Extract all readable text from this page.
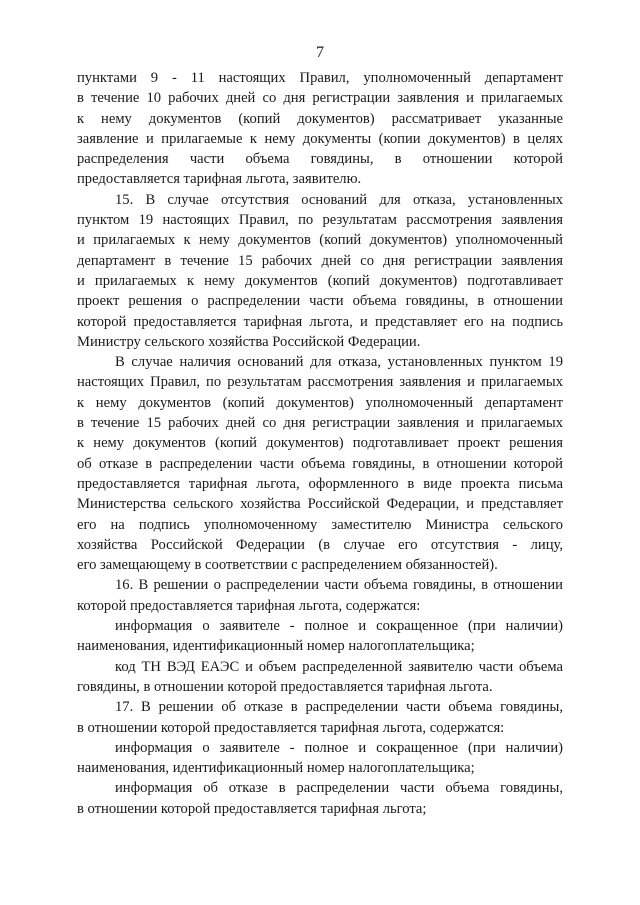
7
пунктами 9 - 11 настоящих Правил, уполномоченный департамент
в течение 10 рабочих дней со дня регистрации заявления и прилагаемых
к нему документов (копий документов) рассматривает указанные
заявление и прилагаемые к нему документы (копии документов) в целях
распределения части объема говядины, в отношении которой
предоставляется тарифная льгота, заявителю.
15. В случае отсутствия оснований для отказа, установленных
пунктом 19 настоящих Правил, по результатам рассмотрения заявления
и прилагаемых к нему документов (копий документов) уполномоченный
департамент в течение 15 рабочих дней со дня регистрации заявления
и прилагаемых к нему документов (копий документов) подготавливает
проект решения о распределении части объема говядины, в отношении
которой предоставляется тарифная льгота, и представляет его на подпись
Министру сельского хозяйства Российской Федерации.
В случае наличия оснований для отказа, установленных пунктом 19
настоящих Правил, по результатам рассмотрения заявления и прилагаемых
к нему документов (копий документов) уполномоченный департамент
в течение 15 рабочих дней со дня регистрации заявления и прилагаемых
к нему документов (копий документов) подготавливает проект решения
об отказе в распределении части объема говядины, в отношении которой
предоставляется тарифная льгота, оформленного в виде проекта письма
Министерства сельского хозяйства Российской Федерации, и представляет
его на подпись уполномоченному заместителю Министра сельского
хозяйства Российской Федерации (в случае его отсутствия - лицу,
его замещающему в соответствии с распределением обязанностей).
16. В решении о распределении части объема говядины, в отношении
которой предоставляется тарифная льгота, содержатся:
информация о заявителе - полное и сокращенное (при наличии)
наименования, идентификационный номер налогоплательщика;
код ТН ВЭД ЕАЭС и объем распределенной заявителю части объема
говядины, в отношении которой предоставляется тарифная льгота.
17. В решении об отказе в распределении части объема говядины,
в отношении которой предоставляется тарифная льгота, содержатся:
информация о заявителе - полное и сокращенное (при наличии)
наименования, идентификационный номер налогоплательщика;
информация об отказе в распределении части объема говядины,
в отношении которой предоставляется тарифная льгота;
